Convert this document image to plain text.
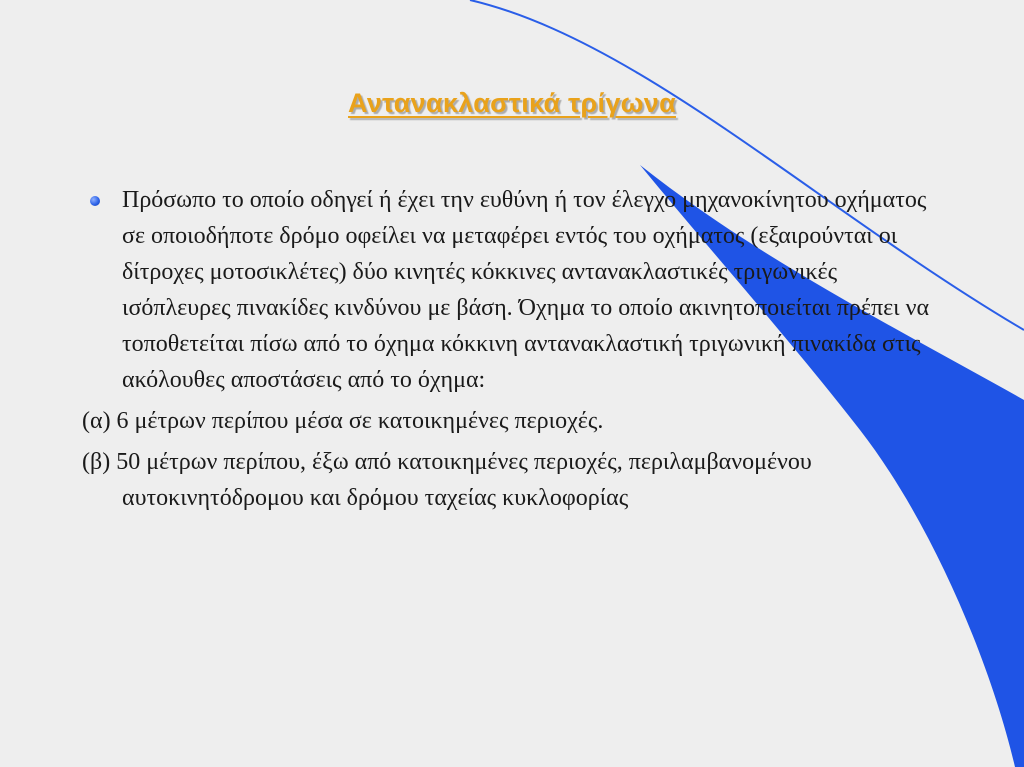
Αντανακλαστικά τρίγωνα

Πρόσωπο το οποίο οδηγεί ή έχει την ευθύνη ή τον έλεγχο μηχανοκίνητου οχήματος σε οποιοδήποτε δρόμο οφείλει να μεταφέρει εντός του οχήματος (εξαιρούνται οι δίτροχες μοτοσικλέτες) δύο κινητές κόκκινες αντανακλαστικές τριγωνικές ισόπλευρες πινακίδες κινδύνου με βάση. Όχημα το οποίο ακινητοποιείται πρέπει να τοποθετείται πίσω από το όχημα κόκκινη αντανακλαστική τριγωνική πινακίδα στις ακόλουθες αποστάσεις από το όχημα:

(α) 6 μέτρων περίπου μέσα σε κατοικημένες περιοχές.

(β) 50 μέτρων περίπου, έξω από κατοικημένες περιοχές, περιλαμβανομένου αυτοκινητόδρομου και δρόμου ταχείας κυκλοφορίας
